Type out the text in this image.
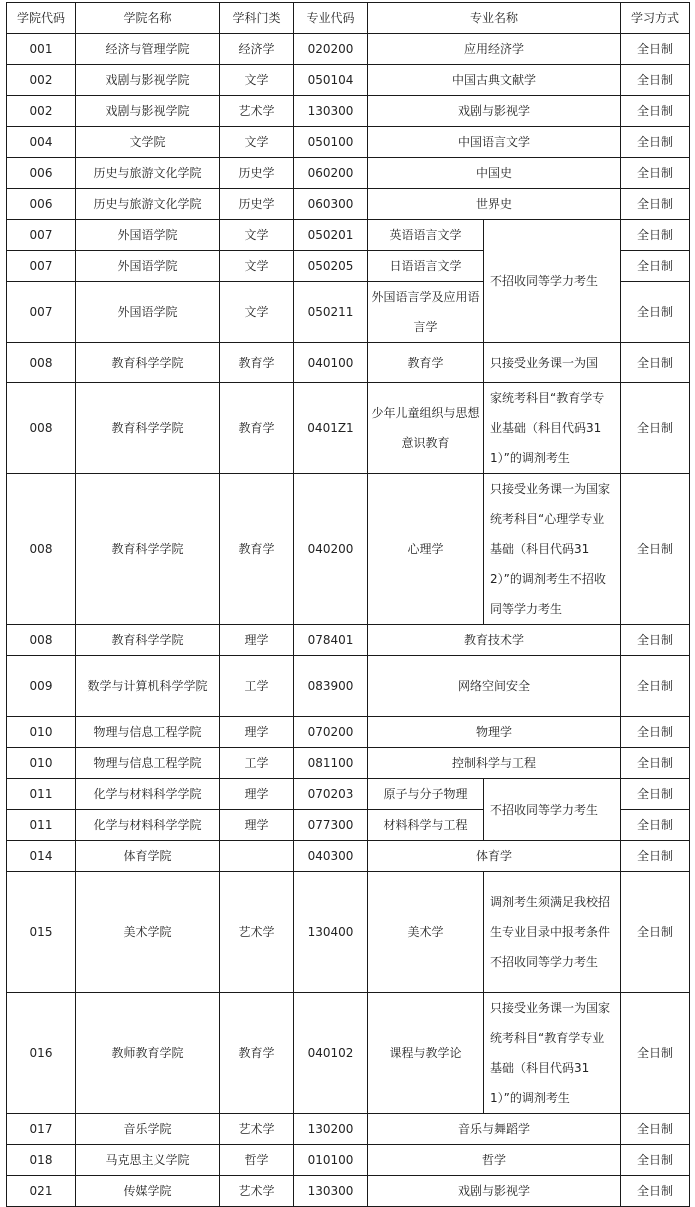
学院代码	学院名称	学科门类	专业代码	专业名称		学习方式
001	经济与管理学院	经济学	020200	应用经济学		全日制
002	戏剧与影视学院	文学	050104	中国古典文献学		全日制
002	戏剧与影视学院	艺术学	130300	戏剧与影视学		全日制
004	文学院	文学	050100	中国语言文学		全日制
006	历史与旅游文化学院	历史学	060200	中国史		全日制
006	历史与旅游文化学院	历史学	060300	世界史		全日制
007	外国语学院	文学	050201	英语语言文学	不招收同等学力考生	全日制
007	外国语学院	文学	050205	日语语言文学		全日制
007	外国语学院	文学	050211	外国语言学及应用语言学		全日制
008	教育科学学院	教育学	040100	教育学	只接受业务课一为国	全日制
008	教育科学学院	教育学	0401Z1	少年儿童组织与思想意识教育	家统考科目“教育学专业基础（科目代码311）”的调剂考生	全日制
008	教育科学学院	教育学	040200	心理学	只接受业务课一为国家统考科目“心理学专业基础（科目代码312）”的调剂考生不招收同等学力考生	全日制
008	教育科学学院	理学	078401	教育技术学		全日制
009	数学与计算机科学学院	工学	083900	网络空间安全		全日制
010	物理与信息工程学院	理学	070200	物理学		全日制
010	物理与信息工程学院	工学	081100	控制科学与工程		全日制
011	化学与材料科学学院	理学	070203	原子与分子物理	不招收同等学力考生	全日制
011	化学与材料科学学院	理学	077300	材料科学与工程		全日制
014	体育学院		040300	体育学		全日制
015	美术学院	艺术学	130400	美术学	调剂考生须满足我校招生专业目录中报考条件不招收同等学力考生	全日制
016	教师教育学院	教育学	040102	课程与教学论	只接受业务课一为国家统考科目“教育学专业基础（科目代码311）”的调剂考生	全日制
017	音乐学院	艺术学	130200	音乐与舞蹈学		全日制
018	马克思主义学院	哲学	010100	哲学		全日制
021	传媒学院	艺术学	130300	戏剧与影视学		全日制
